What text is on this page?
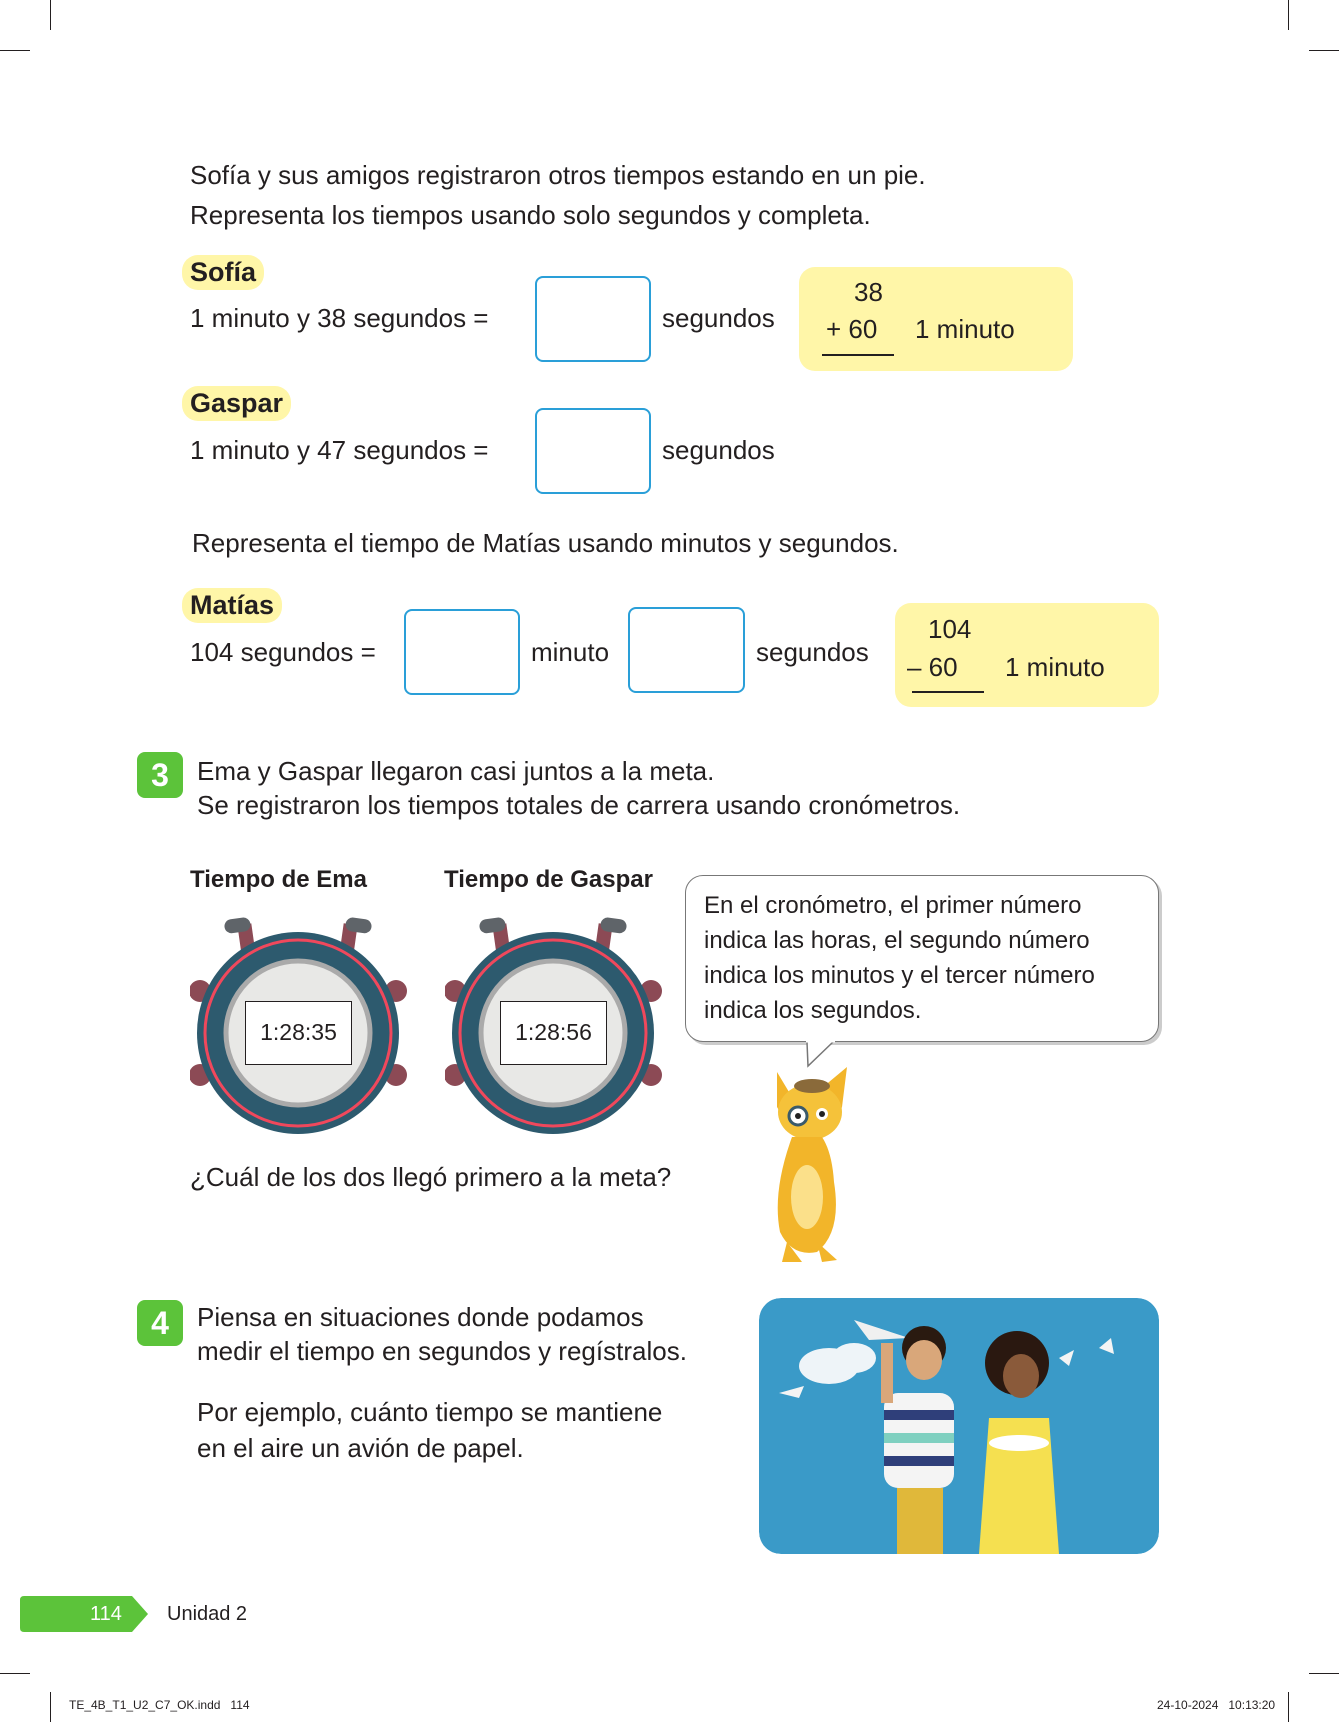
Sofía y sus amigos registraron otros tiempos estando en un pie.
Representa los tiempos usando solo segundos y completa.
Sofía
1 minuto y 38 segundos =	segundos
38
+ 60 1 minuto
Gaspar
1 minuto y 47 segundos =	segundos
Representa el tiempo de Matías usando minutos y segundos.
Matías
104 segundos =	minuto	segundos
104
– 60 1 minuto
3	Ema y Gaspar llegaron casi juntos a la meta.
Se registraron los tiempos totales de carrera usando cronómetros.
Tiempo de Ema	Tiempo de Gaspar
1:28:35	1:28:56
En el cronómetro, el primer número
indica las horas, el segundo número
indica los minutos y el tercer número
indica los segundos.
¿Cuál de los dos llegó primero a la meta?
4	Piensa en situaciones donde podamos
medir el tiempo en segundos y regístralos.
Por ejemplo, cuánto tiempo se mantiene
en el aire un avión de papel.
114 Unidad 2
TE_4B_T1_U2_C7_OK.indd   114	24-10-2024   10:13:20
